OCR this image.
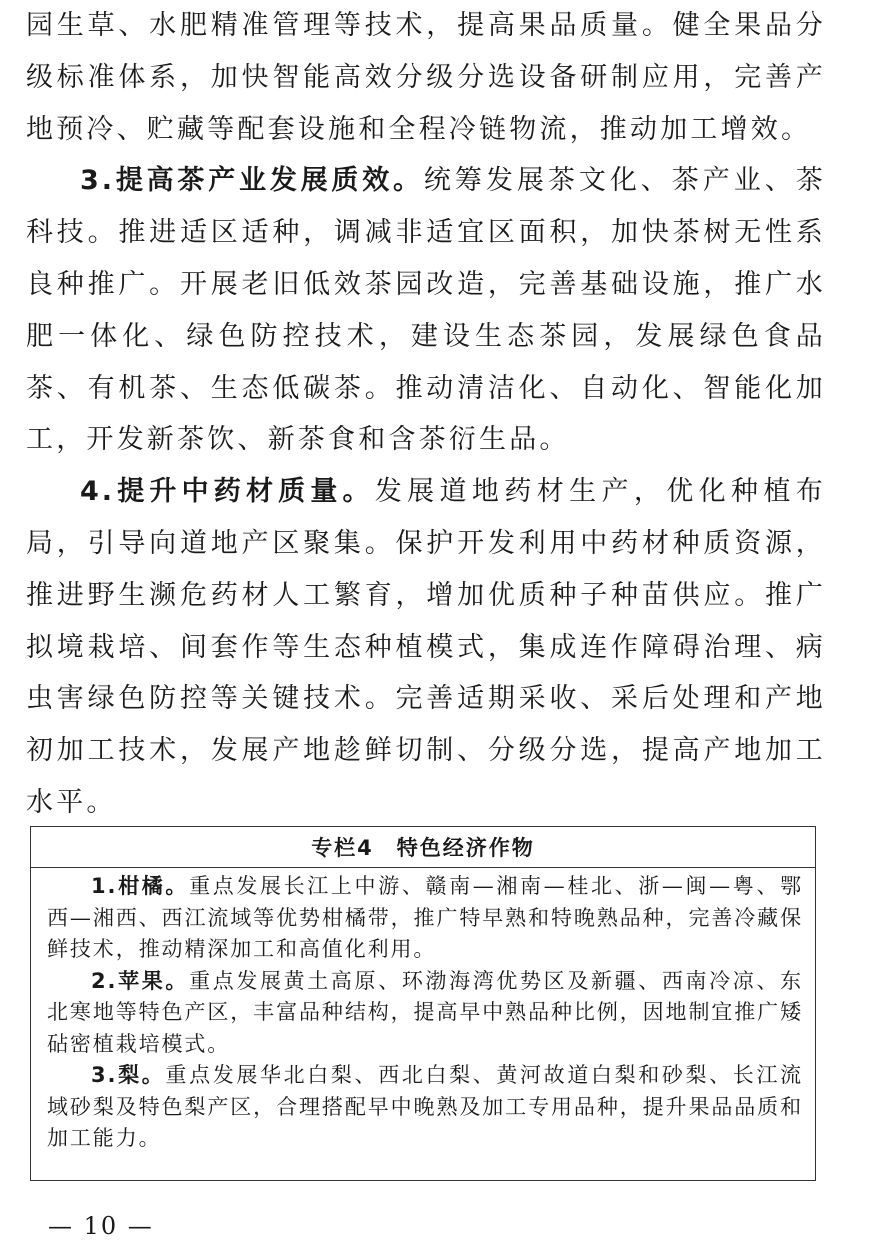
园生草、水肥精准管理等技术，提高果品质量。健全果品分级标准体系，加快智能高效分级分选设备研制应用，完善产地预冷、贮藏等配套设施和全程冷链物流，推动加工增效。

3.提高茶产业发展质效。统筹发展茶文化、茶产业、茶科技。推进适区适种，调减非适宜区面积，加快茶树无性系良种推广。开展老旧低效茶园改造，完善基础设施，推广水肥一体化、绿色防控技术，建设生态茶园，发展绿色食品茶、有机茶、生态低碳茶。推动清洁化、自动化、智能化加工，开发新茶饮、新茶食和含茶衍生品。

4.提升中药材质量。发展道地药材生产，优化种植布局，引导向道地产区聚集。保护开发利用中药材种质资源，推进野生濒危药材人工繁育，增加优质种子种苗供应。推广拟境栽培、间套作等生态种植模式，集成连作障碍治理、病虫害绿色防控等关键技术。完善适期采收、采后处理和产地初加工技术，发展产地趁鲜切制、分级分选，提高产地加工水平。

专栏4　特色经济作物

1.柑橘。重点发展长江上中游、赣南—湘南—桂北、浙—闽—粤、鄂西—湘西、西江流域等优势柑橘带，推广特早熟和特晚熟品种，完善冷藏保鲜技术，推动精深加工和高值化利用。

2.苹果。重点发展黄土高原、环渤海湾优势区及新疆、西南冷凉、东北寒地等特色产区，丰富品种结构，提高早中熟品种比例，因地制宜推广矮砧密植栽培模式。

3.梨。重点发展华北白梨、西北白梨、黄河故道白梨和砂梨、长江流域砂梨及特色梨产区，合理搭配早中晚熟及加工专用品种，提升果品品质和加工能力。

— 10 —
